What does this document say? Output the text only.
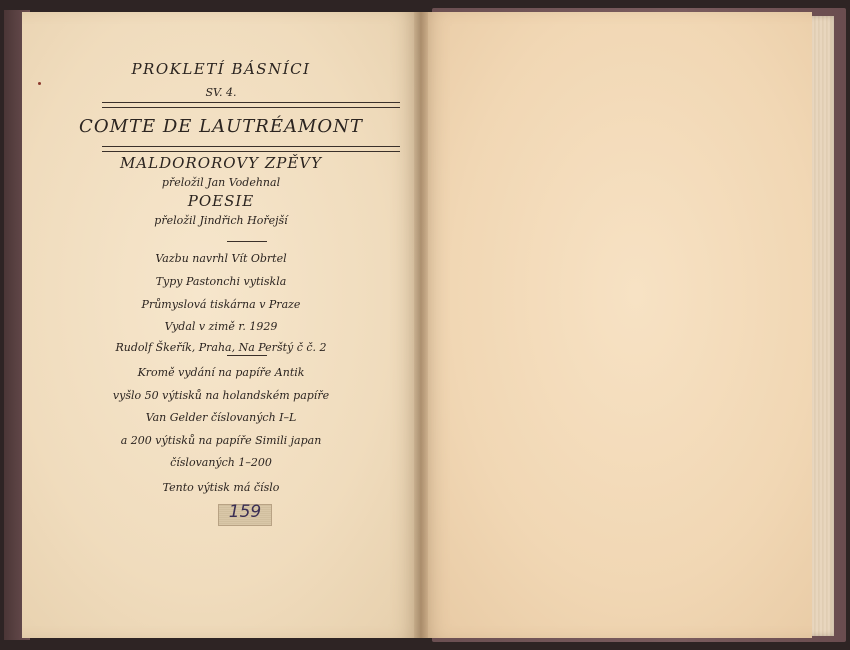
PROKLETÍ BÁSNÍCI
SV. 4.
COMTE DE LAUTRÉAMONT
MALDOROROVY ZPĚVY
přeložil Jan Vodehnal
POESIE
přeložil Jindřich Hořejší
Vazbu navrhl Vít Obrtel
Typy Pastonchi vytiskla
Průmyslová tiskárna v Praze
Vydal v zimě r. 1929
Rudolf Škeřík, Praha, Na Perštý č č. 2
Kromě vydání na papíře Antik
vyšlo 50 výtisků na holandském papíře
Van Gelder číslovaných I–L
a 200 výtisků na papíře Simili japan
číslovaných 1–200
Tento výtisk má číslo
159
